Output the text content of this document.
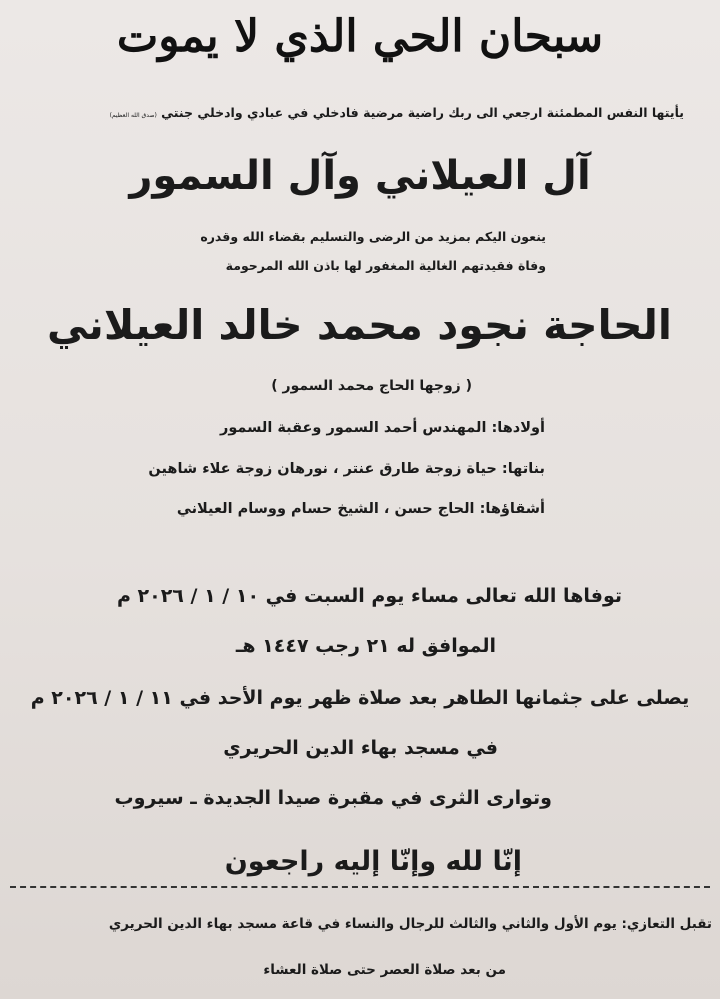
سبحان الحي الذي لا يموت
يأيتها النفس المطمئنة ارجعي الى ربك راضية مرضية فادخلي في عبادي وادخلي جنتي (صدق الله العظيم)
آل العيلاني وآل السمور
ينعون اليكم بمزيد من الرضى والتسليم بقضاء الله وقدره
وفاة فقيدتهم الغالية المغفور لها باذن الله المرحومة
الحاجة نجود محمد خالد العيلاني
( زوجها الحاج محمد السمور )
أولادها: المهندس أحمد السمور وعقبة السمور
بناتها: حياة زوجة طارق عنتر ، نورهان زوجة علاء شاهين
أشقاؤها: الحاج حسن ، الشيخ حسام ووسام العيلاني
توفاها الله تعالى مساء يوم السبت في ١٠ / ١ / ٢٠٢٦ م
الموافق له ٢١ رجب ١٤٤٧ هـ
يصلى على جثمانها الطاهر بعد صلاة ظهر يوم الأحد في ١١ / ١ / ٢٠٢٦ م
في مسجد بهاء الدين الحريري
وتوارى الثرى في مقبرة صيدا الجديدة ـ سيروب
إنّا لله وإنّا إليه راجعون
تقبل التعازي: يوم الأول والثاني والثالث للرجال والنساء في قاعة مسجد بهاء الدين الحريري
من بعد صلاة العصر حتى صلاة العشاء
